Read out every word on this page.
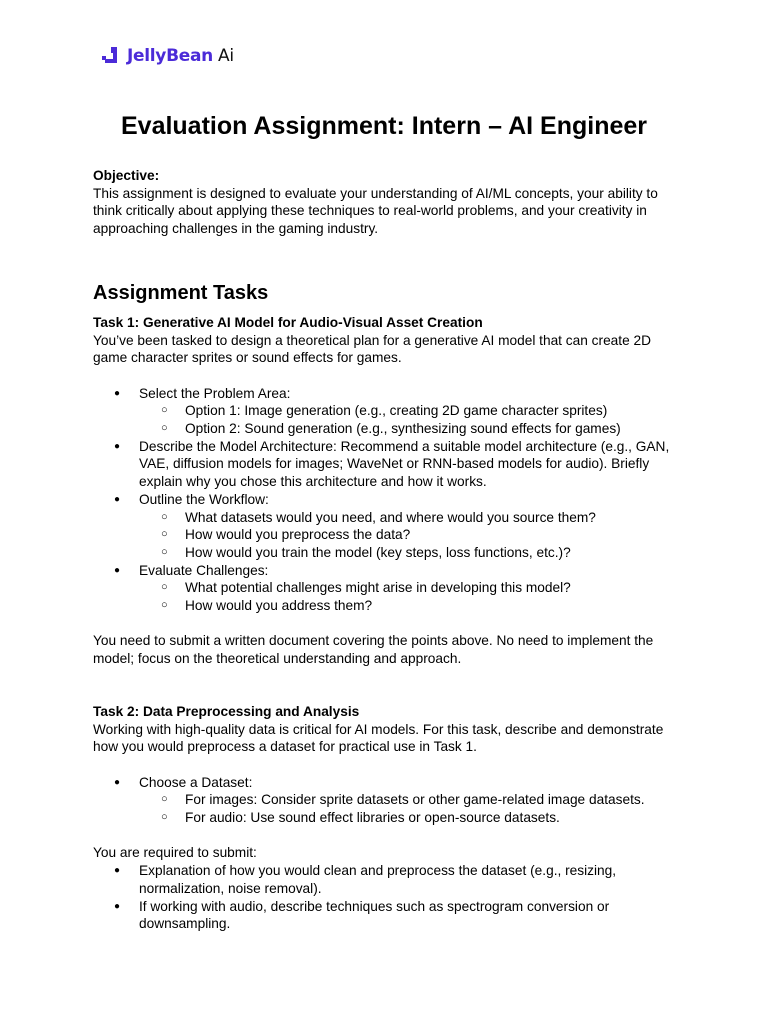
JellyBean Ai
Evaluation Assignment: Intern – AI Engineer

Objective:

This assignment is designed to evaluate your understanding of AI/ML concepts, your ability to think critically about applying these techniques to real-world problems, and your creativity in approaching challenges in the gaming industry.

Assignment Tasks

Task 1: Generative AI Model for Audio-Visual Asset Creation

You’ve been tasked to design a theoretical plan for a generative AI model that can create 2D game character sprites or sound effects for games.

● Select the Problem Area:
○ Option 1: Image generation (e.g., creating 2D game character sprites)
○ Option 2: Sound generation (e.g., synthesizing sound effects for games)
● Describe the Model Architecture: Recommend a suitable model architecture (e.g., GAN, VAE, diffusion models for images; WaveNet or RNN-based models for audio). Briefly explain why you chose this architecture and how it works.
● Outline the Workflow:
○ What datasets would you need, and where would you source them?
○ How would you preprocess the data?
○ How would you train the model (key steps, loss functions, etc.)?
● Evaluate Challenges:
○ What potential challenges might arise in developing this model?
○ How would you address them?

You need to submit a written document covering the points above. No need to implement the model; focus on the theoretical understanding and approach.

Task 2: Data Preprocessing and Analysis

Working with high-quality data is critical for AI models. For this task, describe and demonstrate how you would preprocess a dataset for practical use in Task 1.

● Choose a Dataset:
○ For images: Consider sprite datasets or other game-related image datasets.
○ For audio: Use sound effect libraries or open-source datasets.

You are required to submit:

● Explanation of how you would clean and preprocess the dataset (e.g., resizing, normalization, noise removal).
● If working with audio, describe techniques such as spectrogram conversion or downsampling.
